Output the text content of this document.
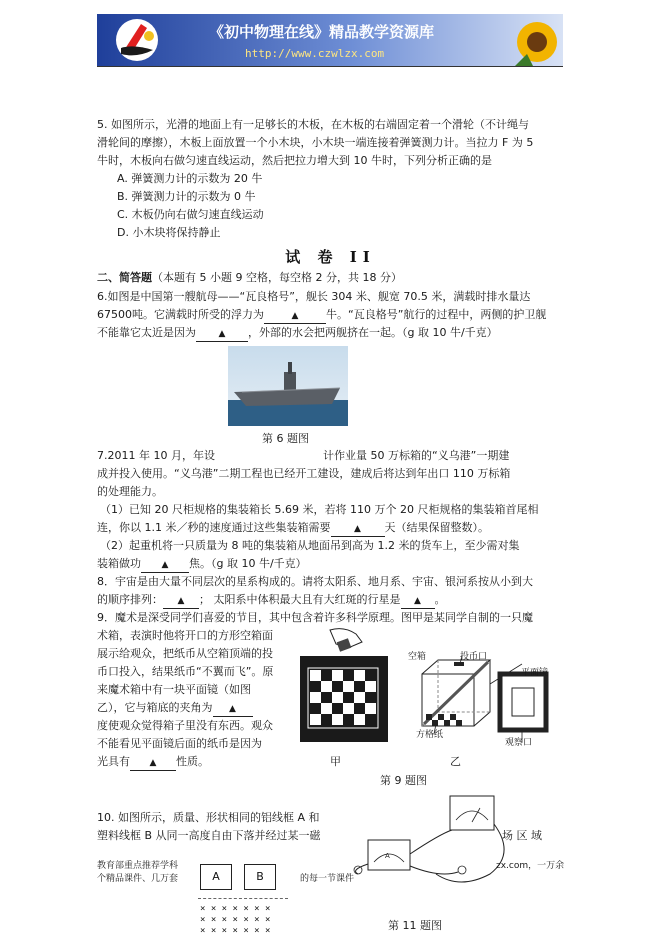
《初中物理在线》精品教学资源库
http://www.czwlzx.com
5. 如图所示，光滑的地面上有一足够长的木板，在木板的右端固定着一个滑轮（不计绳与
滑轮间的摩擦），木板上面放置一个小木块，小木块一端连接着弹簧测力计。当拉力 F 为 5
牛时，木板向右做匀速直线运动，然后把拉力增大到 10 牛时，下列分析正确的是
A. 弹簧测力计的示数为 20 牛
B. 弹簧测力计的示数为 0 牛
C. 木板仍向右做匀速直线运动
D. 小木块将保持静止
试 卷 II
二、简答题（本题有 5 小题 9 空格，每空格 2 分，共 18 分）
6.如图是中国第一艘航母——“瓦良格号”，舰长 304 米、舰宽 70.5 米，满载时排水量达
67500吨。它满载时所受的浮力为	▲	牛。“瓦良格号”航行的过程中，两侧的护卫舰
不能靠它太近是因为	▲ ，外部的水会把两舰挤在一起。（g 取 10 牛/千克）
第 6 题图
7.2011 年 10 月，年设	计作业量 50 万标箱的“义乌港”一期建
成并投入使用。“义乌港”二期工程也已经开工建设，建成后将达到年出口 110 万标箱
的处理能力。
（1）已知 20 尺柜规格的集装箱长 5.69 米，若将 110 万个 20 尺柜规格的集装箱首尾相
连，你以 1.1 米／秒的速度通过这些集装箱需要	▲ 天（结果保留整数）。
（2）起重机将一只质量为 8 吨的集装箱从地面吊到高为 1.2 米的货车上，至少需对集
装箱做功 ▲ 焦。（g 取 10 牛/千克）
8．宇宙是由大量不同层次的星系构成的。请将太阳系、地月系、宇宙、银河系按从小到大
的顺序排列： ▲ ； 太阳系中体积最大且有大红斑的行星是 ▲ 。
9．魔术是深受同学们喜爱的节目，其中包含着许多科学原理。图甲是某同学自制的一只魔
术箱，表演时他将开口的方形空箱面
展示给观众，把纸币从空箱顶端的投
币口投入，结果纸币“不翼而飞”。原
来魔术箱中有一块平面镜（如图
乙），它与箱底的夹角为 ▲
度使观众觉得箱子里没有东西。观众
不能看见平面镜后面的纸币是因为
光具有 ▲ 性质。	甲
空箱	投币口
平面镜
方格纸
观察口
乙
第 9 题图
10. 如图所示，质量、形状相同的铝线框 A 和
塑料线框 B 从同一高度自由下落并经过某一磁	场 区 域
A
A	B
× × × × × × ×
× × × × × × ×
× × × × × × ×
教育部重点推荐学科	zx.com，一万余
个精品课件、几万套	的每一节课件
第 11 题图
